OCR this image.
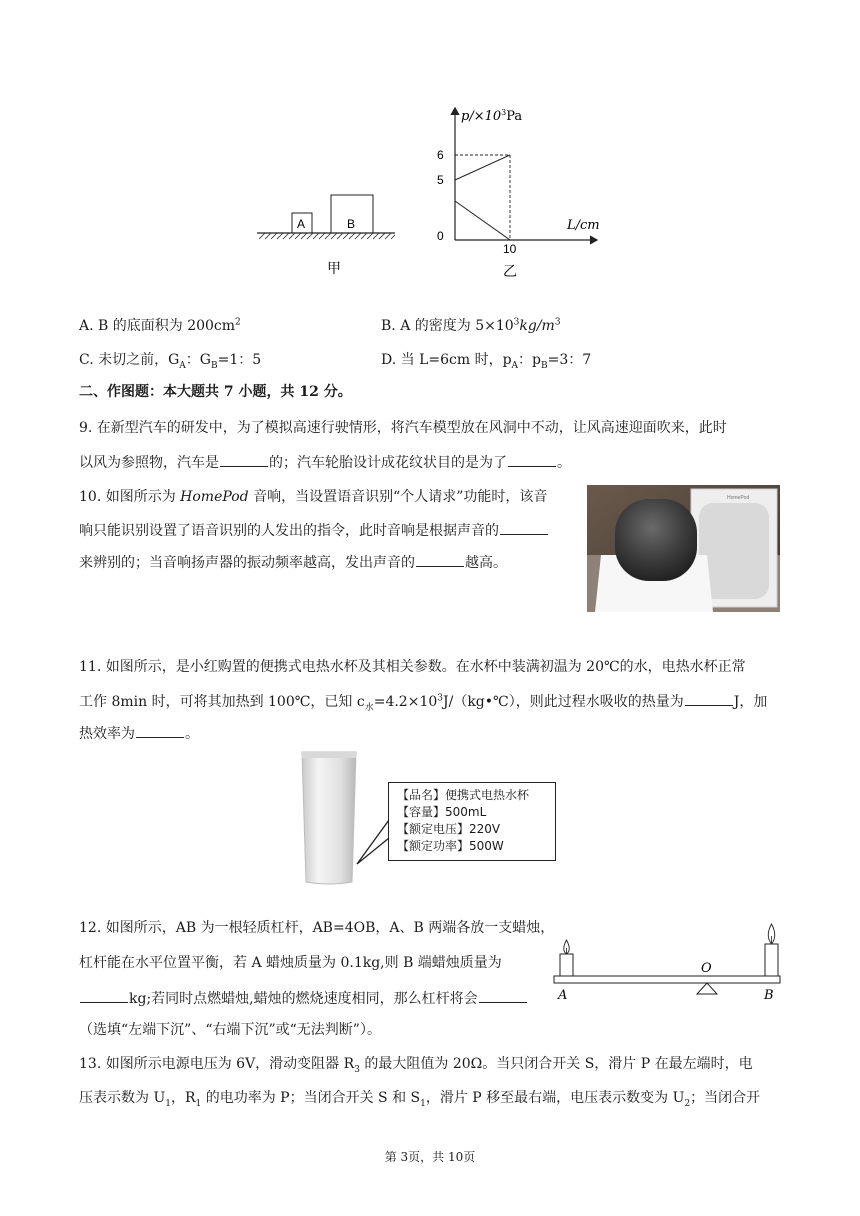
A	B
甲
$p/\times 10^3Pa$
6
5
0
10
L/cm
乙
A. B 的底面积为 $200cm^2$	B. A 的密度为 $5\times 10^3kg/m^3$
C. 未切之前，$G_A$：$G_B=1$：5	D. 当 L=6cm 时，$p_A$：$p_B=3$：7
二、作图题：本大题共 7 小题，共 12 分。
9. 在新型汽车的研发中，为了模拟高速行驶情形，将汽车模型放在风洞中不动，让风高速迎面吹来，此时
以风为参照物，汽车是	的；汽车轮胎设计成花纹状目的是为了	。
10. 如图所示为 HomePod 音响，当设置语音识别“个人请求”功能时，该音
响只能识别设置了语音识别的人发出的指令，此时音响是根据声音的
来辨别的；当音响扬声器的振动频率越高，发出声音的	越高。
HomePod
11. 如图所示，是小红购置的便携式电热水杯及其相关参数。在水杯中装满初温为 20℃的水，电热水杯正常
工作 8min 时，可将其加热到 100℃，已知 $c_水=4.2\times 10^3J/(kg•℃)$，则此过程水吸收的热量为	J，加
热效率为	。
【品名】便携式电热水杯
【容量】500mL
【额定电压】220V
【额定功率】500W
12. 如图所示，AB 为一根轻质杠杆，AB=4OB，A、B 两端各放一支蜡烛，
杠杆能在水平位置平衡，若 A 蜡烛质量为 0.1kg,则 B 端蜡烛质量为
kg;若同时点燃蜡烛,蜡烛的燃烧速度相同，那么杠杆将会
（选填“左端下沉”、“右端下沉”或“无法判断”）。
A
O
B
13. 如图所示电源电压为 6V，滑动变阻器 $R_3$ 的最大阻值为 20Ω。当只闭合开关 S，滑片 P 在最左端时，电
压表示数为 $U_1$，$R_1$ 的电功率为 P；当闭合开关 S 和 $S_1$，滑片 P 移至最右端，电压表示数变为 $U_2$；当闭合开
第 3页，共 10页
